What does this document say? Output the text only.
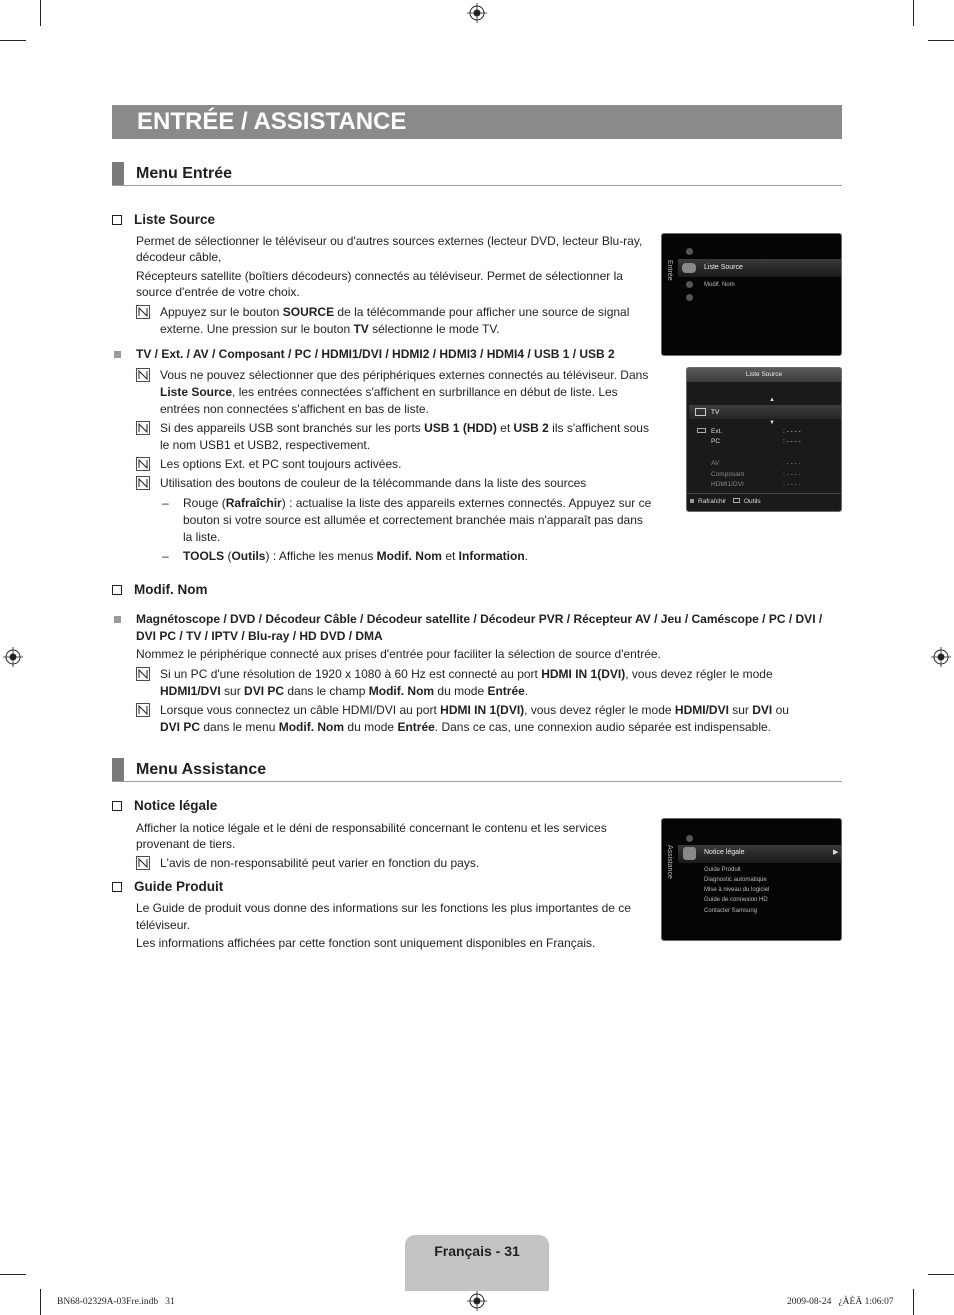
ENTRÉE / ASSISTANCE
Menu Entrée
Liste Source
Permet de sélectionner le téléviseur ou d'autres sources externes (lecteur DVD, lecteur Blu-ray,
décodeur câble,
Récepteurs satellite (boîtiers décodeurs) connectés au téléviseur. Permet de sélectionner la
source d'entrée de votre choix.
Appuyez sur le bouton SOURCE de la télécommande pour afficher une source de signal
externe. Une pression sur le bouton TV sélectionne le mode TV.
TV / Ext. / AV / Composant / PC / HDMI1/DVI / HDMI2 / HDMI3 / HDMI4 / USB 1 / USB 2
Vous ne pouvez sélectionner que des périphériques externes connectés au téléviseur. Dans
Liste Source, les entrées connectées s'affichent en surbrillance en début de liste. Les
entrées non connectées s'affichent en bas de liste.
Si des appareils USB sont branchés sur les ports USB 1 (HDD) et USB 2 ils s'affichent sous
le nom USB1 et USB2, respectivement.
Les options Ext. et PC sont toujours activées.
Utilisation des boutons de couleur de la télécommande dans la liste des sources
– Rouge (Rafraîchir) : actualise la liste des appareils externes connectés. Appuyez sur ce
bouton si votre source est allumée et correctement branchée mais n'apparaît pas dans
la liste.
– TOOLS (Outils) : Affiche les menus Modif. Nom et Information.
Modif. Nom
Magnétoscope / DVD / Décodeur Câble / Décodeur satellite / Décodeur PVR / Récepteur AV / Jeu / Caméscope / PC / DVI /
DVI PC / TV / IPTV / Blu-ray / HD DVD / DMA
Nommez le périphérique connecté aux prises d'entrée pour faciliter la sélection de source d'entrée.
Si un PC d'une résolution de 1920 x 1080 à 60 Hz est connecté au port HDMI IN 1(DVI), vous devez régler le mode
HDMI1/DVI sur DVI PC dans le champ Modif. Nom du mode Entrée.
Lorsque vous connectez un câble HDMI/DVI au port HDMI IN 1(DVI), vous devez régler le mode HDMI/DVI sur DVI ou
DVI PC dans le menu Modif. Nom du mode Entrée. Dans ce cas, une connexion audio séparée est indispensable.
Menu Assistance
Notice légale
Afficher la notice légale et le déni de responsabilité concernant le contenu et les services
provenant de tiers.
L'avis de non-responsabilité peut varier en fonction du pays.
Guide Produit
Le Guide de produit vous donne des informations sur les fonctions les plus importantes de ce
téléviseur.
Les informations affichées par cette fonction sont uniquement disponibles en Français.
Entrée	Liste Source
Modif. Nom
Liste Source
▲
TV
▼
Ext.	: - - - -
PC	: - - - -
AV	: - - - -
Composant	: - - - -
HDMI1/DVI	: - - - -
Rafraîchir	Outils
Assistance	Notice légale	▶
Guide Produit
Diagnostic automatique
Mise à niveau du logiciel
Guide de connexion HD
Contacter Samsung
Français - 31
BN68-02329A-03Fre.indb   31	2009-08-24   ¿ÀÈÄ 1:06:07
